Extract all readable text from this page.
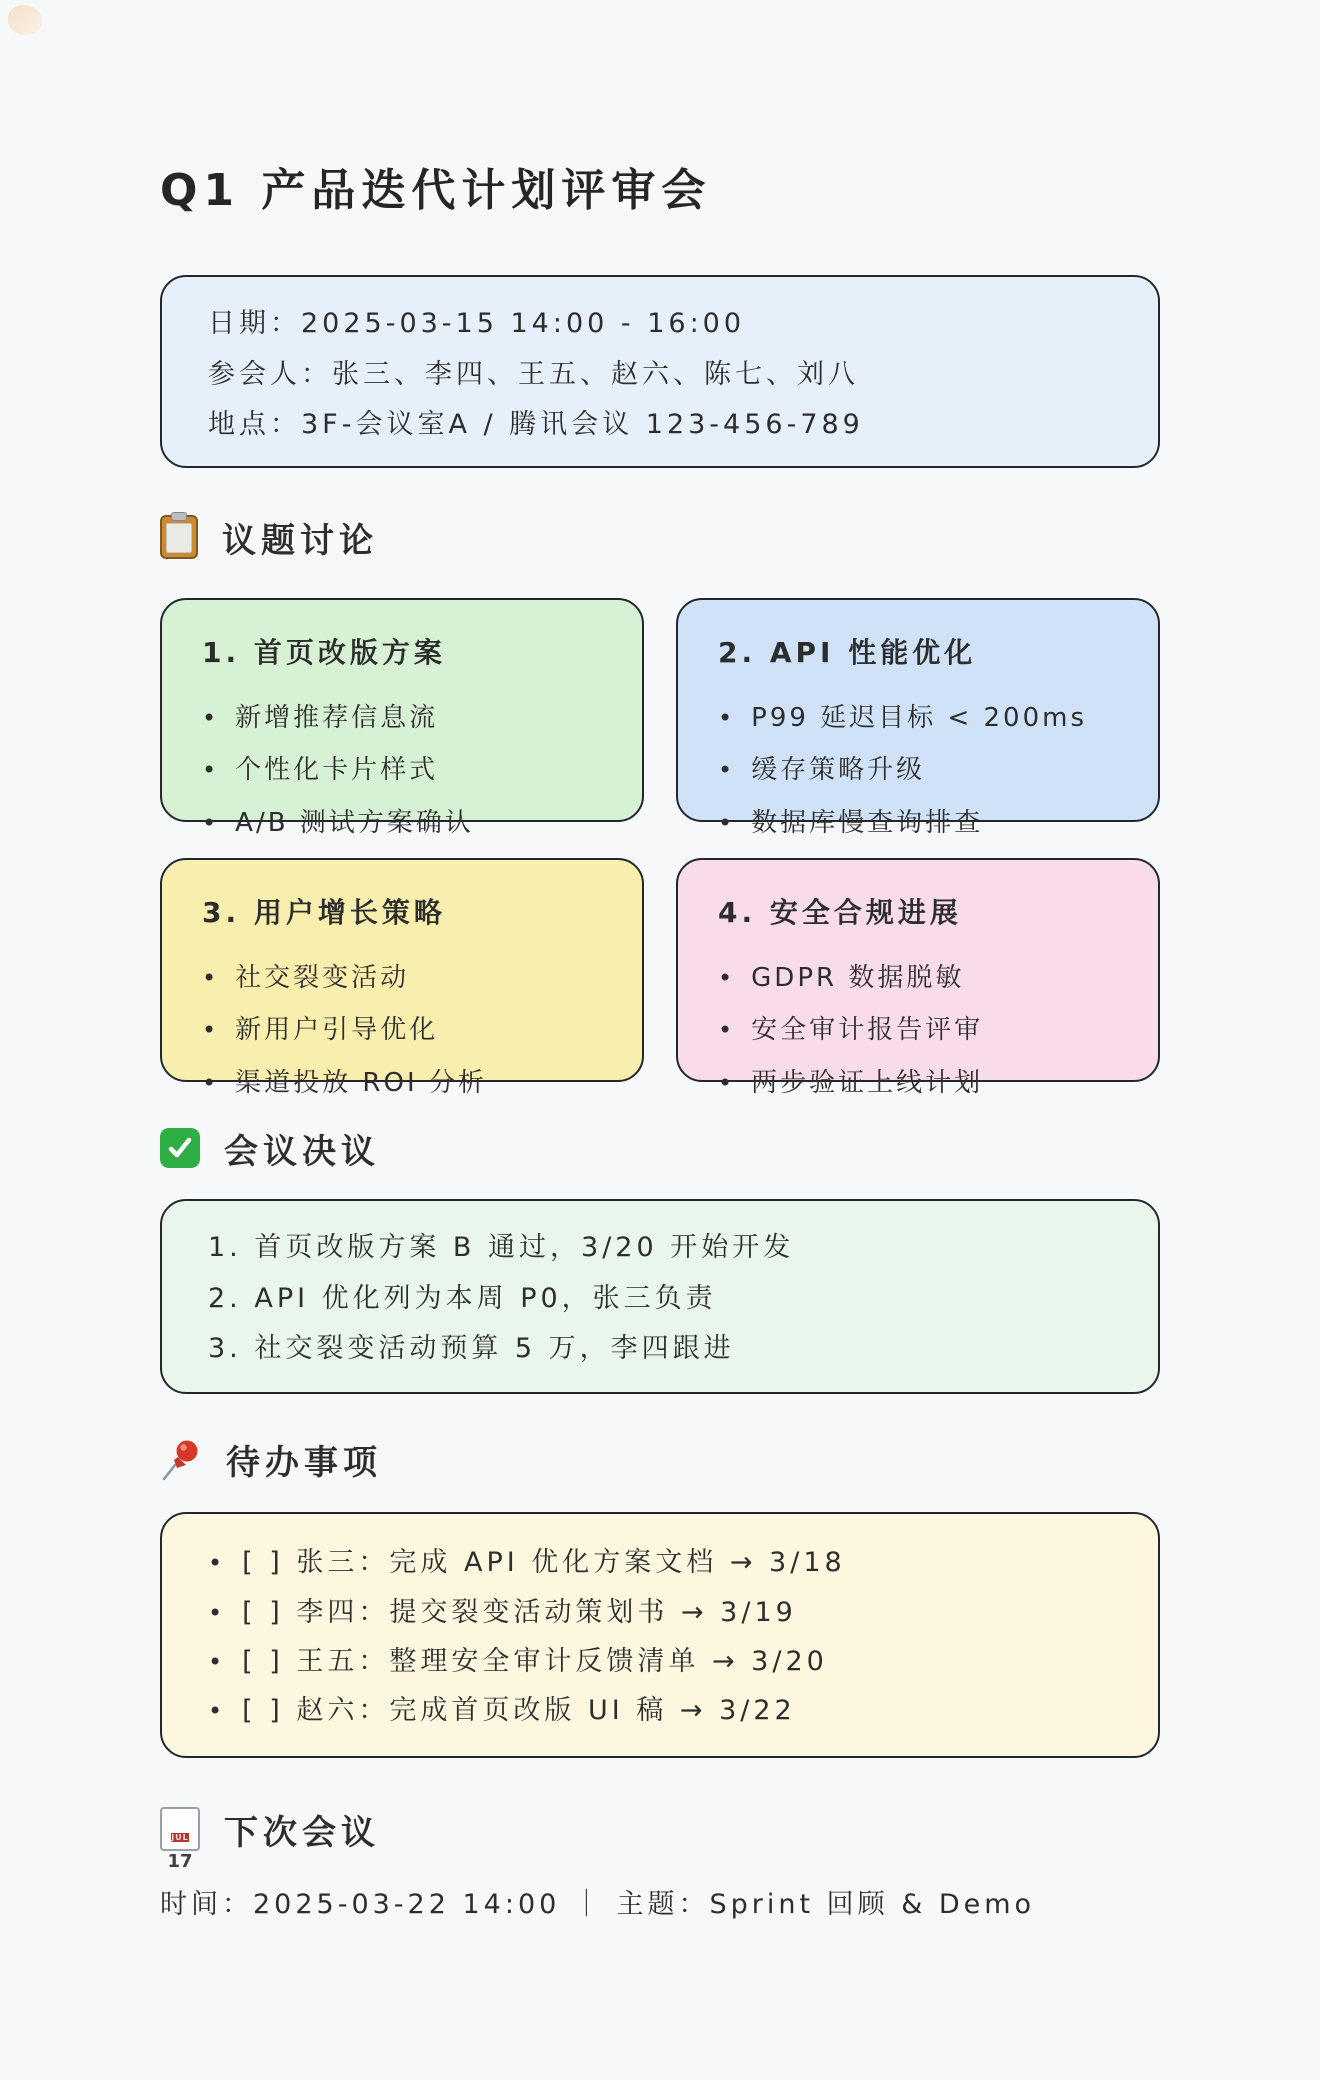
Q1 产品迭代计划评审会
日期：2025-03-15 14:00 - 16:00
参会人：张三、李四、王五、赵六、陈七、刘八
地点：3F-会议室A / 腾讯会议 123-456-789
议题讨论
1. 首页改版方案
• 新增推荐信息流
• 个性化卡片样式
• A/B 测试方案确认
2. API 性能优化
• P99 延迟目标 < 200ms
• 缓存策略升级
• 数据库慢查询排查
3. 用户增长策略
• 社交裂变活动
• 新用户引导优化
• 渠道投放 ROI 分析
4. 安全合规进展
• GDPR 数据脱敏
• 安全审计报告评审
• 两步验证上线计划
会议决议
1. 首页改版方案 B 通过，3/20 开始开发
2. API 优化列为本周 P0，张三负责
3. 社交裂变活动预算 5 万，李四跟进
待办事项
• [ ] 张三：完成 API 优化方案文档 → 3/18
• [ ] 李四：提交裂变活动策划书 → 3/19
• [ ] 王五：整理安全审计反馈清单 → 3/20
• [ ] 赵六：完成首页改版 UI 稿 → 3/22
JUL
17
下次会议
时间：2025-03-22 14:00 ｜ 主题：Sprint 回顾 & Demo
